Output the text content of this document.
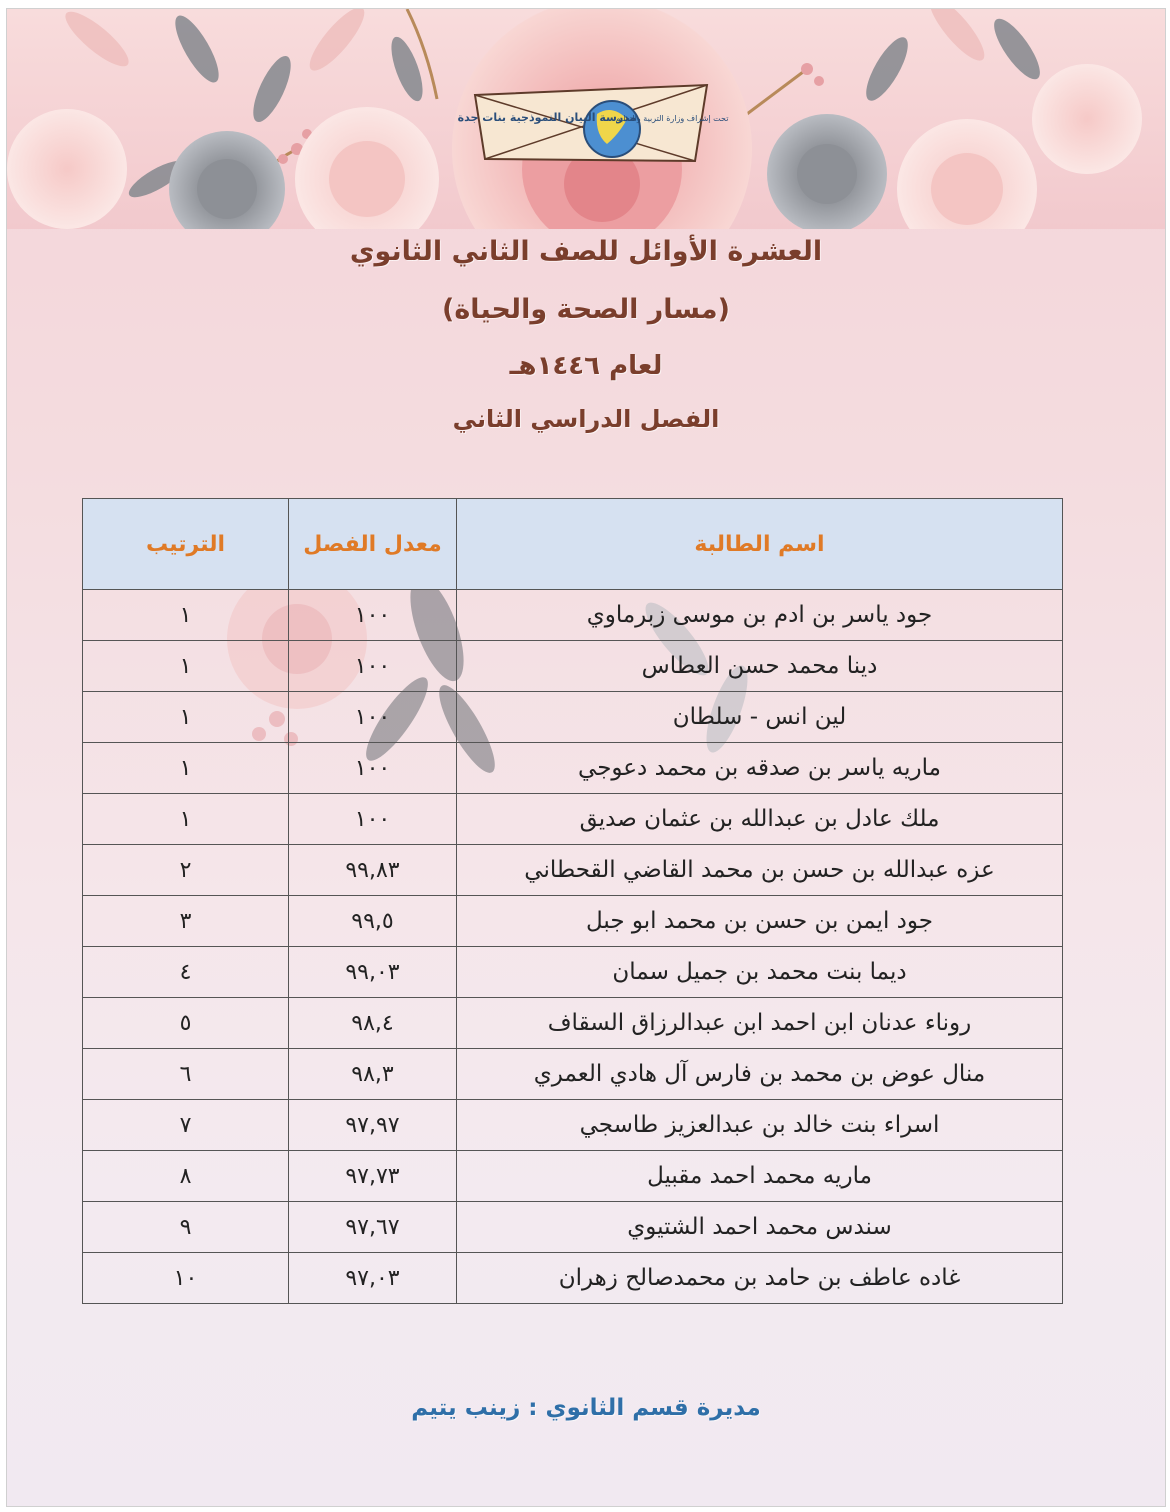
مدرسة البيان النموذجية بنات جدة
تحت إشراف وزارة التربية والتعليم
العشرة الأوائل للصف الثاني الثانوي
(مسار الصحة والحياة)
لعام ١٤٤٦هـ
الفصل الدراسي الثاني
اسم الطالبة	معدل الفصل	الترتيب
جود ياسر بن ادم بن موسى زبرماوي	١٠٠	١
دينا محمد حسن العطاس	١٠٠	١
لين انس - سلطان	١٠٠	١
ماريه ياسر بن صدقه بن محمد دعوجي	١٠٠	١
ملك عادل بن عبدالله بن عثمان صديق	١٠٠	١
عزه عبدالله بن حسن بن محمد القاضي القحطاني	٩٩,٨٣	٢
جود ايمن بن حسن بن محمد ابو جبل	٩٩,٥	٣
ديما بنت محمد بن جميل سمان	٩٩,٠٣	٤
روناء عدنان ابن احمد ابن عبدالرزاق السقاف	٩٨,٤	٥
منال عوض بن محمد بن فارس آل هادي العمري	٩٨,٣	٦
اسراء بنت خالد بن عبدالعزيز طاسجي	٩٧,٩٧	٧
ماريه محمد احمد مقبيل	٩٧,٧٣	٨
سندس محمد احمد الشتيوي	٩٧,٦٧	٩
غاده عاطف بن حامد بن محمدصالح زهران	٩٧,٠٣	١٠
مديرة قسم الثانوي : زينب يتيم
